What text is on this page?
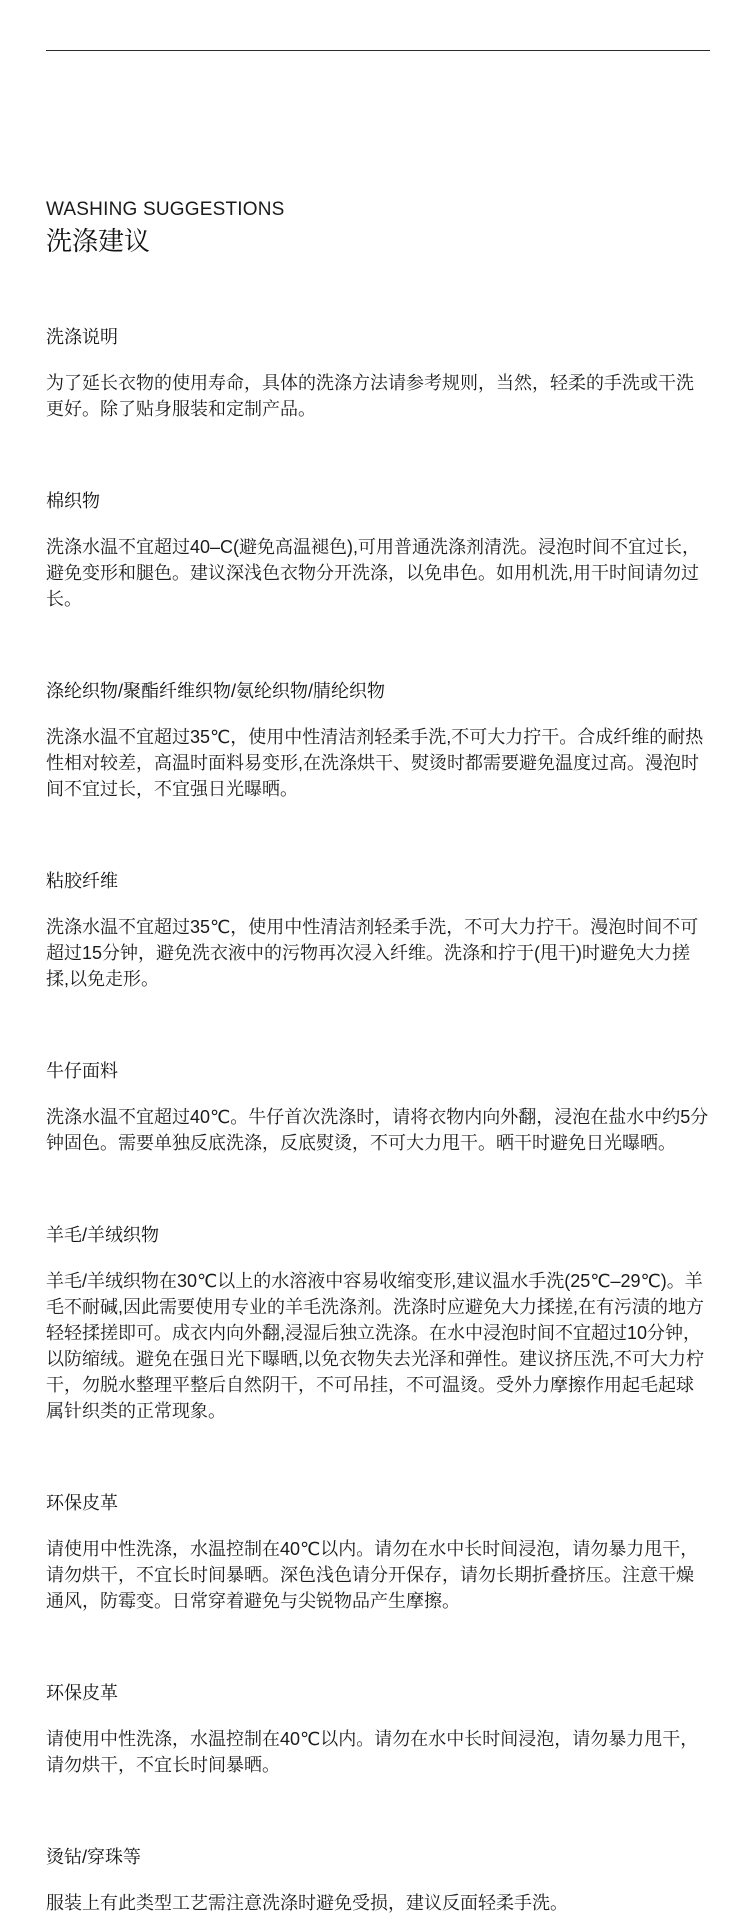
WASHING SUGGESTIONS
洗涤建议
洗涤说明
为了延长衣物的使用寿命，具体的洗涤方法请参考规则，当然，轻柔的手洗或干洗更好。除了贴身服装和定制产品。
棉织物
洗涤水温不宜超过40–C(避免高温褪色),可用普通洗涤剂清洗。浸泡时间不宜过长，避免变形和腿色。建议深浅色衣物分开洗涤，以免串色。如用机洗,用干时间请勿过长。
涤纶织物/聚酯纤维织物/氨纶织物/腈纶织物
洗涤水温不宜超过35℃，使用中性清洁剂轻柔手洗,不可大力拧干。合成纤维的耐热性相对较差，高温时面料易变形,在洗涤烘干、熨烫时都需要避免温度过高。漫泡时间不宜过长，不宜强日光曝晒。
粘胶纤维
洗涤水温不宜超过35℃，使用中性清洁剂轻柔手洗，不可大力拧干。漫泡时间不可超过15分钟，避免洗衣液中的污物再次浸入纤维。洗涤和拧于(甩干)时避免大力搓揉,以免走形。
牛仔面料
洗涤水温不宜超过40℃。牛仔首次洗涤时，请将衣物内向外翻，浸泡在盐水中约5分钟固色。需要单独反底洗涤，反底熨烫，不可大力甩干。晒干时避免日光曝晒。
羊毛/羊绒织物
羊毛/羊绒织物在30℃以上的水溶液中容易收缩变形,建议温水手洗(25℃–29℃)。羊毛不耐碱,因此需要使用专业的羊毛洗涤剂。洗涤时应避免大力揉搓,在有污渍的地方轻轻揉搓即可。成衣内向外翻,浸湿后独立洗涤。在水中浸泡时间不宜超过10分钟，以防缩绒。避免在强日光下曝晒,以免衣物失去光泽和弹性。建议挤压洗,不可大力柠干，勿脱水整理平整后自然阴干，不可吊挂，不可温烫。受外力摩擦作用起毛起球属针织类的正常现象。
环保皮革
请使用中性洗涤，水温控制在40℃以内。请勿在水中长时间浸泡，请勿暴力甩干，请勿烘干，不宜长时间暴晒。深色浅色请分开保存，请勿长期折叠挤压。注意干燥通风，防霉变。日常穿着避免与尖锐物品产生摩擦。
环保皮革
请使用中性洗涤，水温控制在40℃以内。请勿在水中长时间浸泡，请勿暴力甩干，请勿烘干，不宜长时间暴晒。
烫钻/穿珠等
服装上有此类型工艺需注意洗涤时避免受损，建议反面轻柔手洗。
